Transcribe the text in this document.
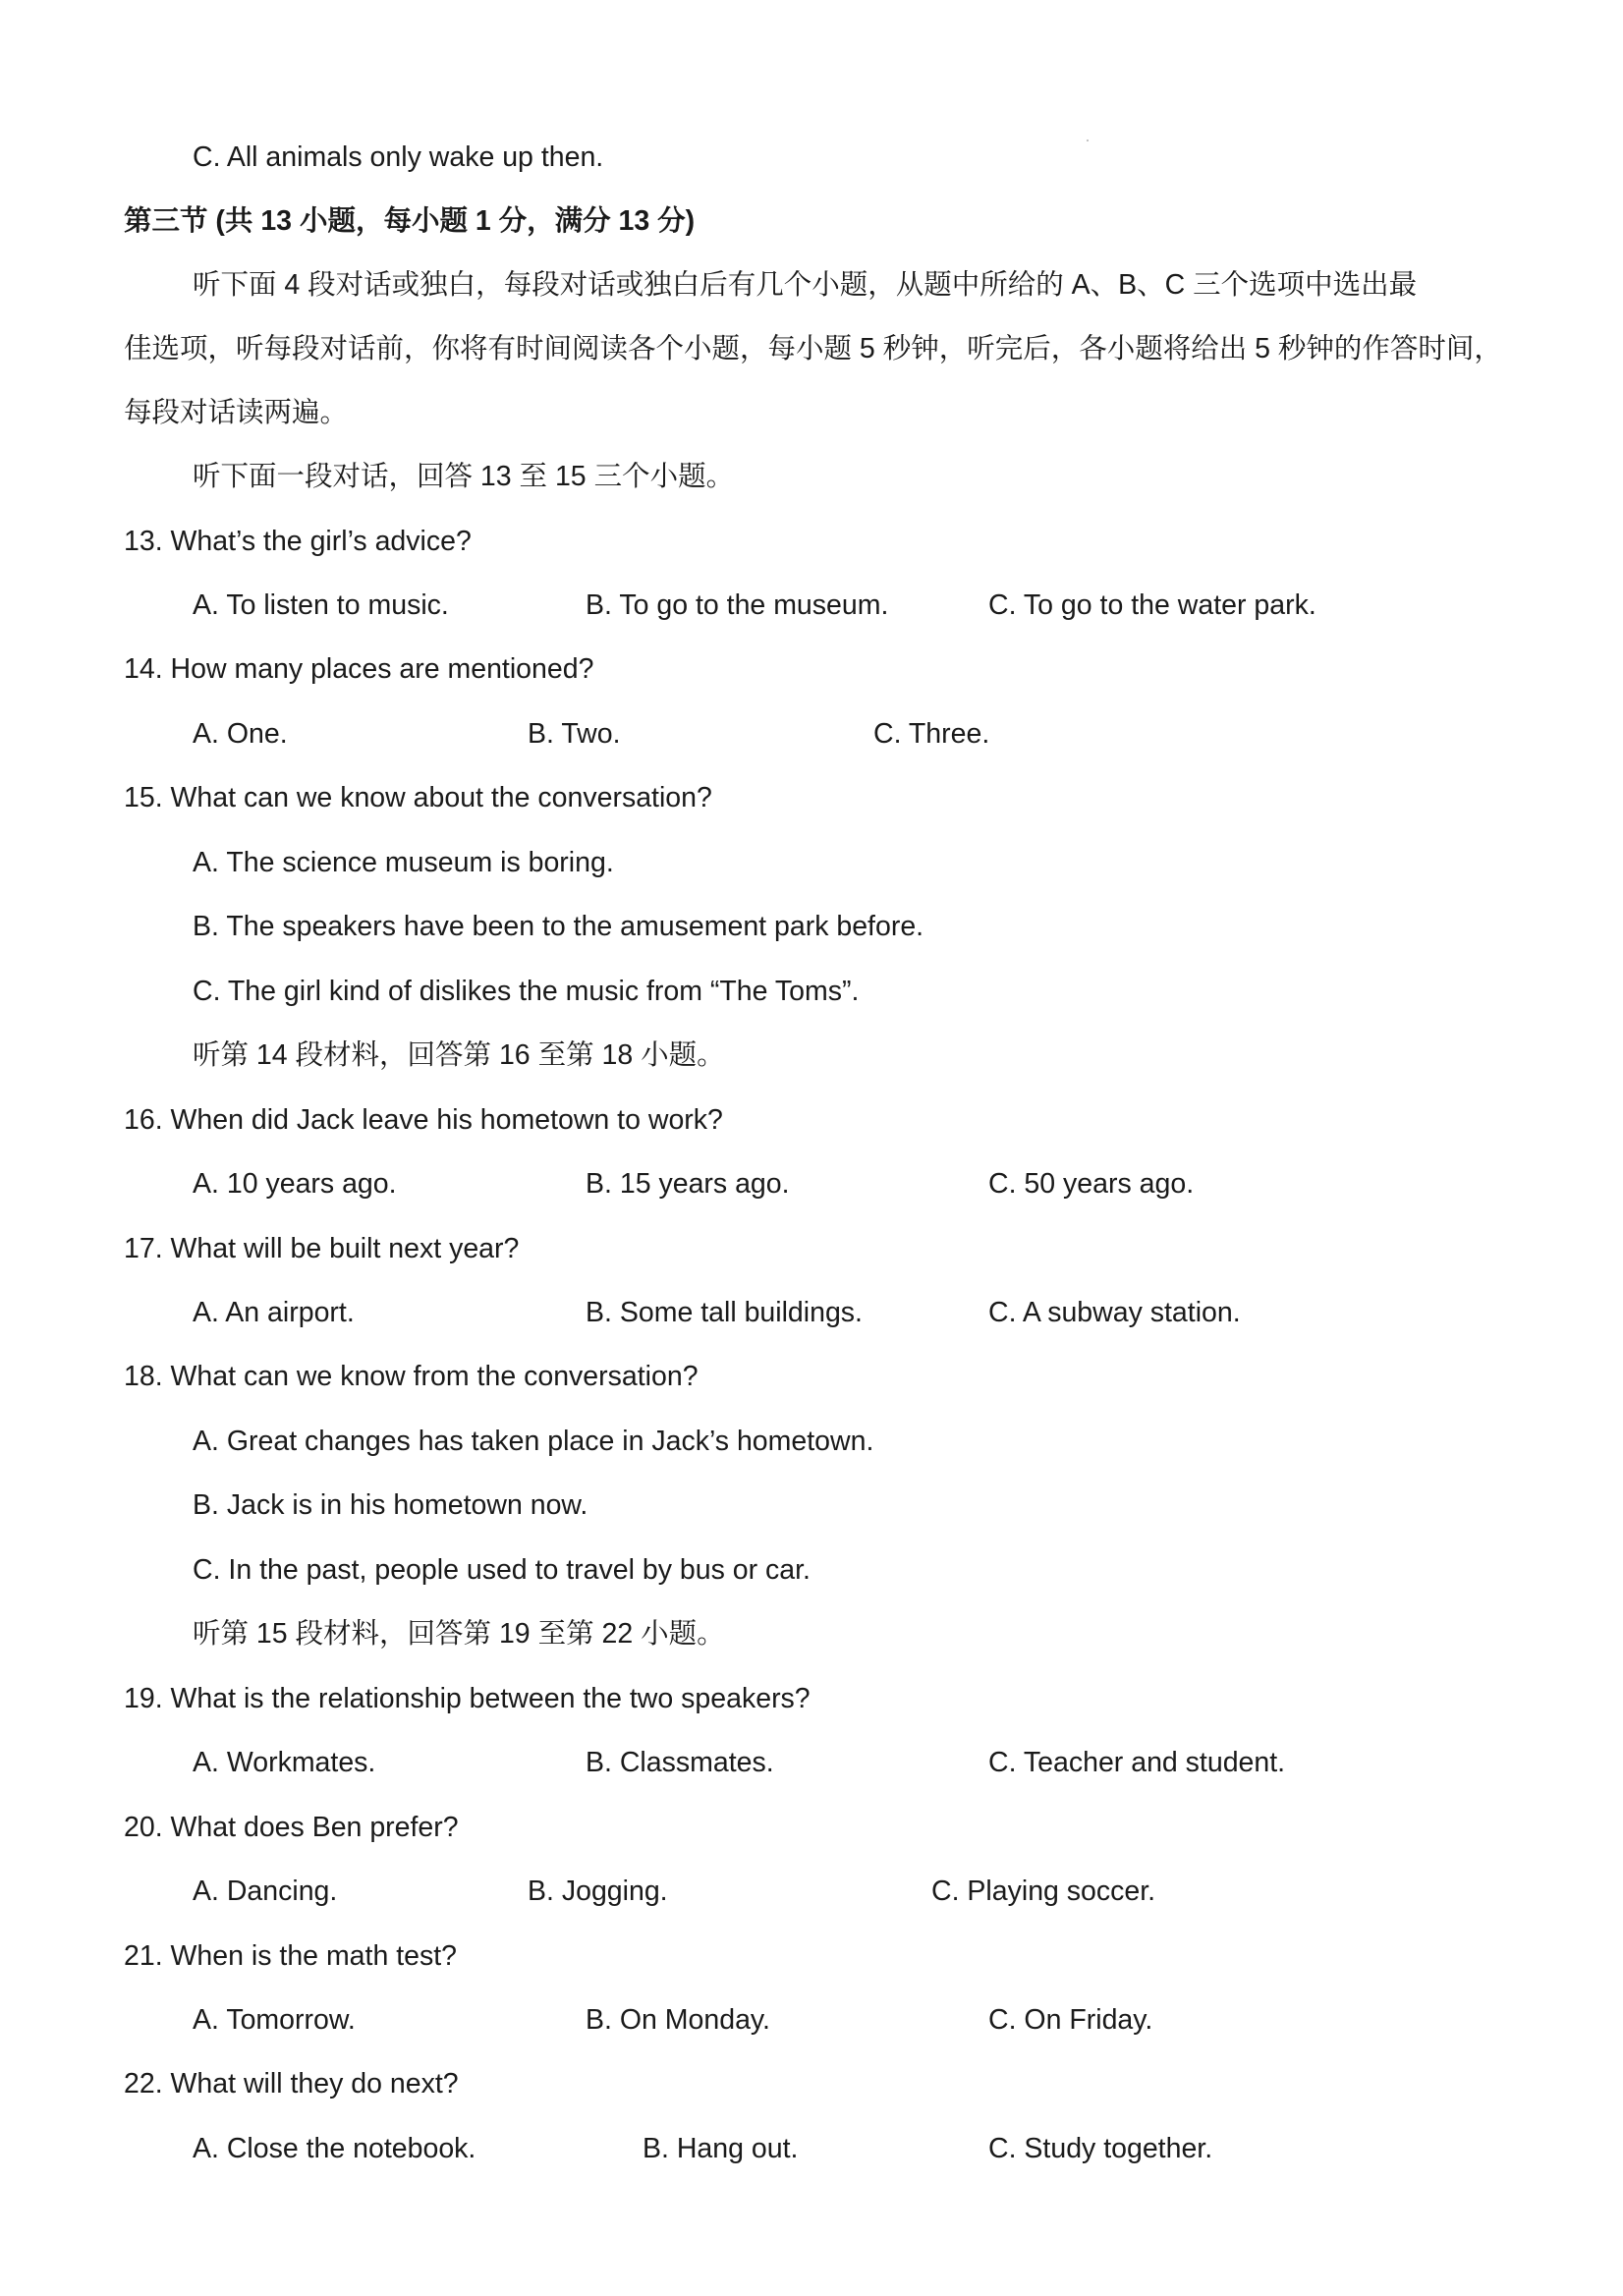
C. All animals only wake up then.
第三节 (共 13 小题，每小题 1 分，满分 13 分)
听下面 4 段对话或独白，每段对话或独白后有几个小题，从题中所给的 A、B、C 三个选项中选出最
佳选项，听每段对话前，你将有时间阅读各个小题，每小题 5 秒钟，听完后，各小题将给出 5 秒钟的作答时间，
每段对话读两遍。
听下面一段对话，回答 13 至 15 三个小题。
13. What’s the girl’s advice?
A. To listen to music.	B. To go to the museum.	C. To go to the water park.
14. How many places are mentioned?
A. One.	B. Two.	C. Three.
15. What can we know about the conversation?
A. The science museum is boring.
B. The speakers have been to the amusement park before.
C. The girl kind of dislikes the music from “The Toms”.
听第 14 段材料，回答第 16 至第 18 小题。
16. When did Jack leave his hometown to work?
A. 10 years ago.	B. 15 years ago.	C. 50 years ago.
17. What will be built next year?
A. An airport.	B. Some tall buildings.	C. A subway station.
18. What can we know from the conversation?
A. Great changes has taken place in Jack’s hometown.
B. Jack is in his hometown now.
C. In the past, people used to travel by bus or car.
听第 15 段材料，回答第 19 至第 22 小题。
19. What is the relationship between the two speakers?
A. Workmates.	B. Classmates.	C. Teacher and student.
20. What does Ben prefer?
A. Dancing.	B. Jogging.	C. Playing soccer.
21. When is the math test?
A. Tomorrow.	B. On Monday.	C. On Friday.
22. What will they do next?
A. Close the notebook.	B. Hang out.	C. Study together.
